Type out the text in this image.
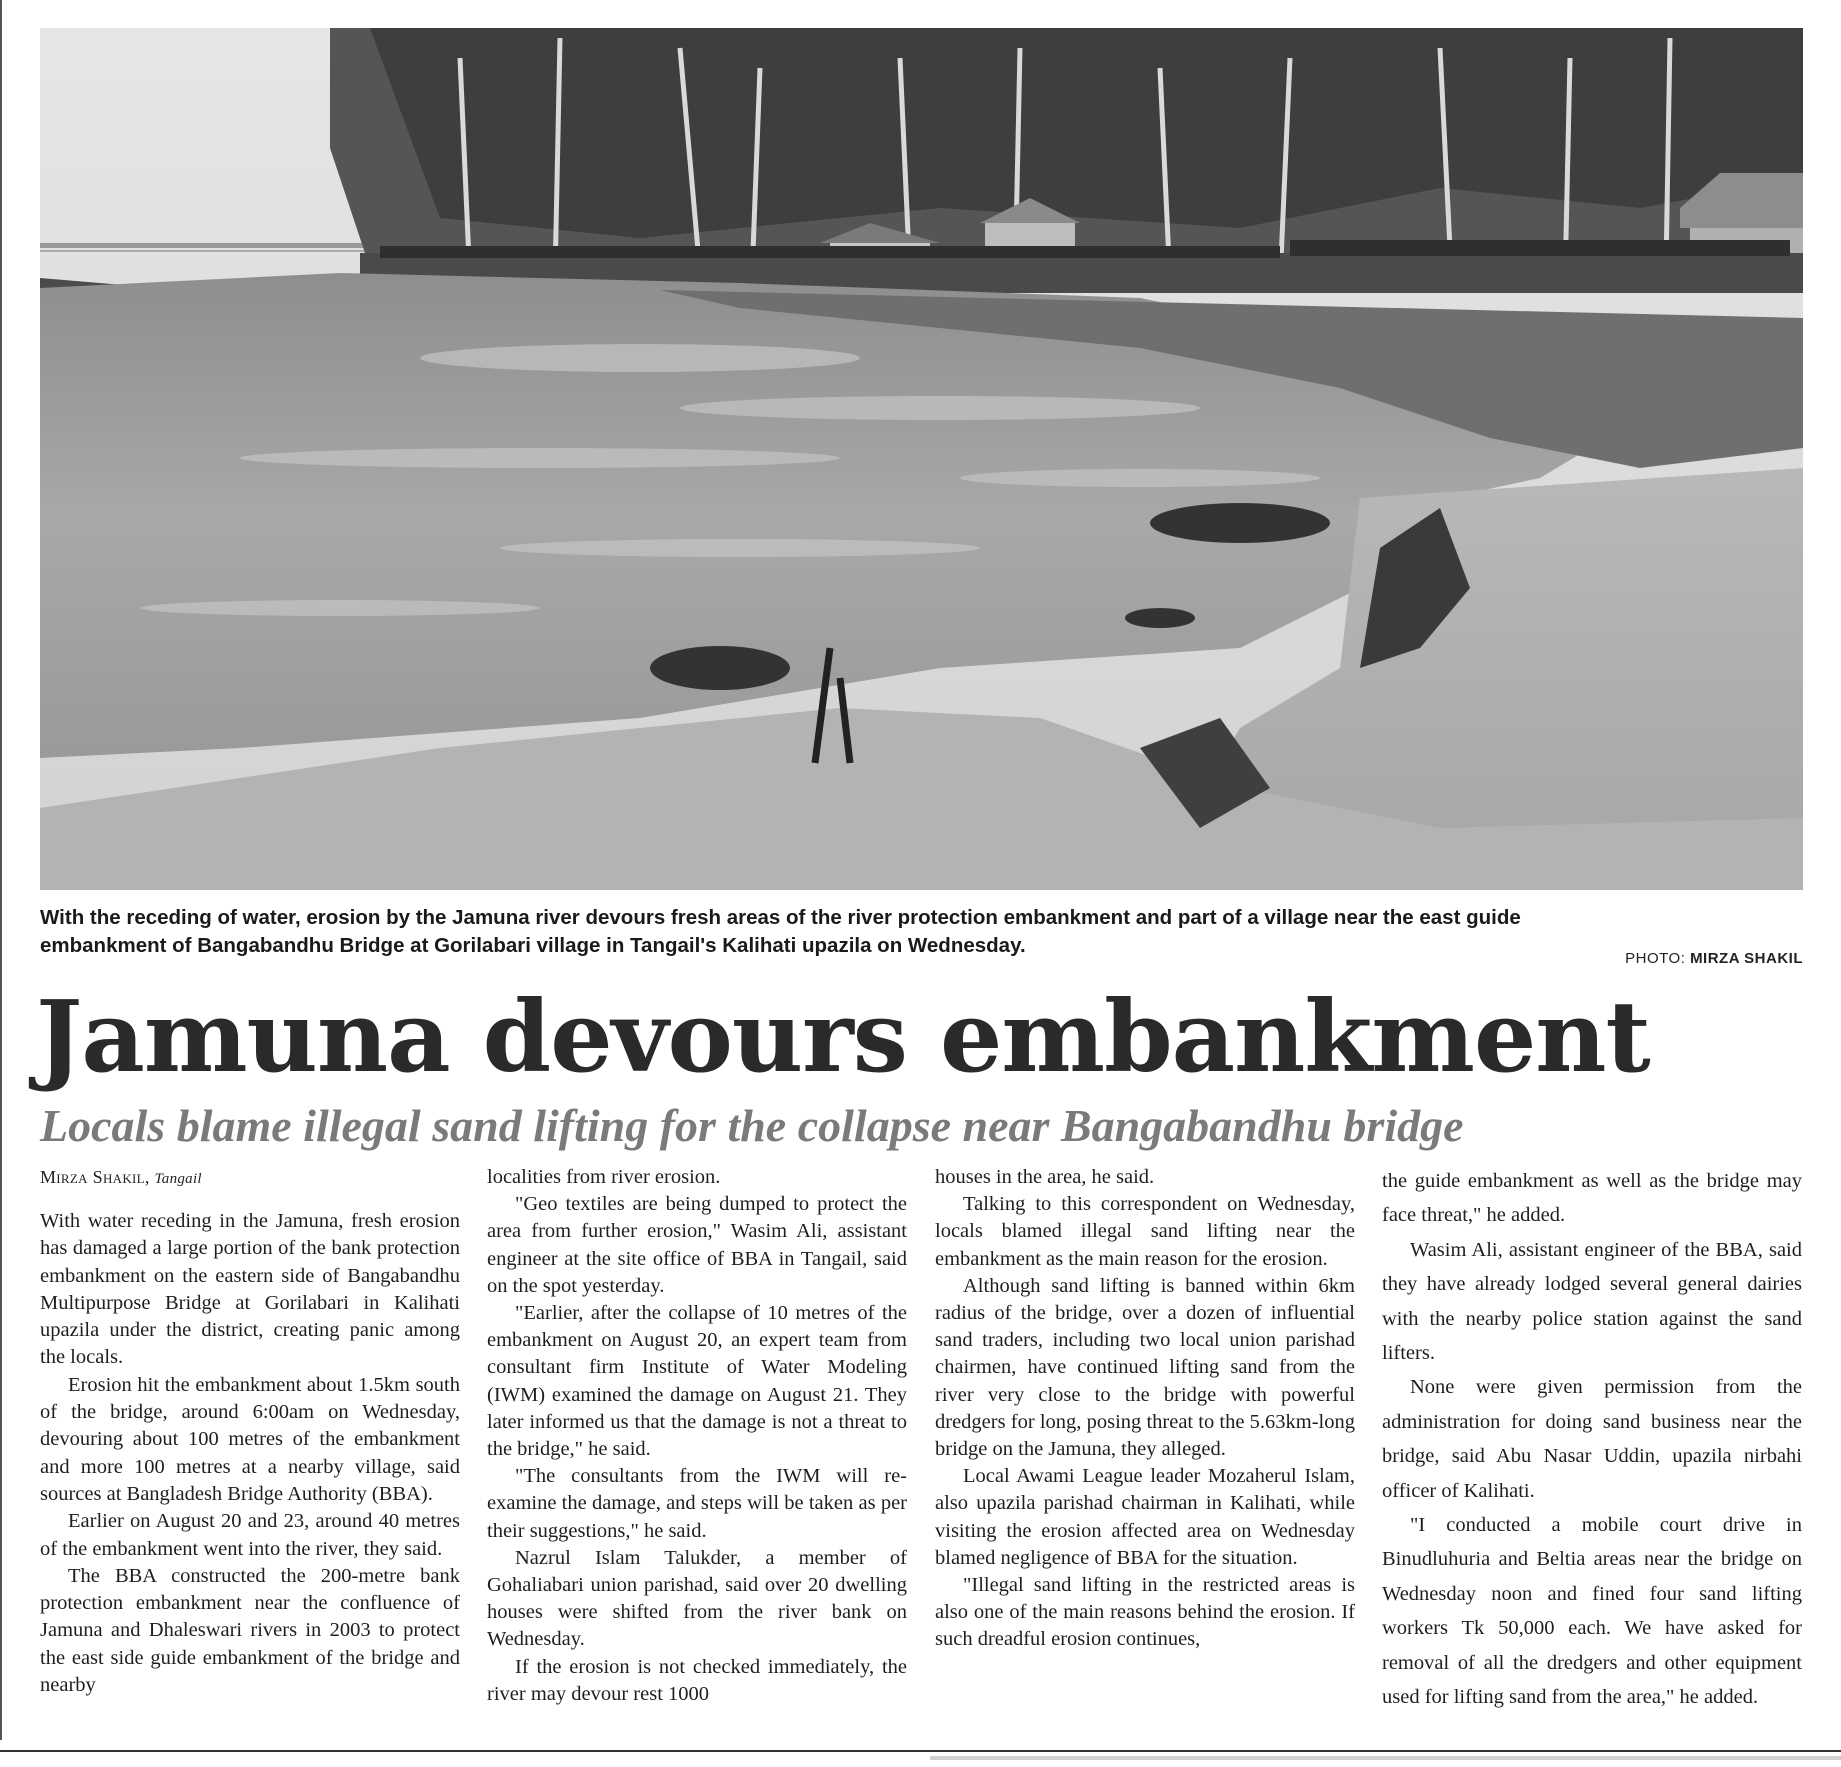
With the receding of water, erosion by the Jamuna river devours fresh areas of the river protection embankment and part of a village near the east guide embankment of Bangabandhu Bridge at Gorilabari village in Tangail's Kalihati upazila on Wednesday.
PHOTO: MIRZA SHAKIL
Jamuna devours embankment
Locals blame illegal sand lifting for the collapse near Bangabandhu bridge
Mirza Shakil, Tangail

With water receding in the Jamuna, fresh erosion has damaged a large portion of the bank protection embankment on the eastern side of Bangabandhu Multipurpose Bridge at Gorilabari in Kalihati upazila under the district, creating panic among the locals.

Erosion hit the embankment about 1.5km south of the bridge, around 6:00am on Wednesday, devouring about 100 metres of the embankment and more 100 metres at a nearby village, said sources at Bangladesh Bridge Authority (BBA).

Earlier on August 20 and 23, around 40 metres of the embankment went into the river, they said.

The BBA constructed the 200-metre bank protection embankment near the confluence of Jamuna and Dhaleswari rivers in 2003 to protect the east side guide embankment of the bridge and nearby

localities from river erosion.

"Geo textiles are being dumped to protect the area from further erosion," Wasim Ali, assistant engineer at the site office of BBA in Tangail, said on the spot yesterday.

"Earlier, after the collapse of 10 metres of the embankment on August 20, an expert team from consultant firm Institute of Water Modeling (IWM) examined the damage on August 21. They later informed us that the damage is not a threat to the bridge," he said.

"The consultants from the IWM will re-examine the damage, and steps will be taken as per their suggestions," he said.

Nazrul Islam Talukder, a member of Gohaliabari union parishad, said over 20 dwelling houses were shifted from the river bank on Wednesday.

If the erosion is not checked immediately, the river may devour rest 1000

houses in the area, he said.

Talking to this correspondent on Wednesday, locals blamed illegal sand lifting near the embankment as the main reason for the erosion.

Although sand lifting is banned within 6km radius of the bridge, over a dozen of influential sand traders, including two local union parishad chairmen, have continued lifting sand from the river very close to the bridge with powerful dredgers for long, posing threat to the 5.63km-long bridge on the Jamuna, they alleged.

Local Awami League leader Mozaherul Islam, also upazila parishad chairman in Kalihati, while visiting the erosion affected area on Wednesday blamed negligence of BBA for the situation.

"Illegal sand lifting in the restricted areas is also one of the main reasons behind the erosion. If such dreadful erosion continues,

the guide embankment as well as the bridge may face threat," he added.

Wasim Ali, assistant engineer of the BBA, said they have already lodged several general dairies with the nearby police station against the sand lifters.

None were given permission from the administration for doing sand business near the bridge, said Abu Nasar Uddin, upazila nirbahi officer of Kalihati.

"I conducted a mobile court drive in Binudluhuria and Beltia areas near the bridge on Wednesday noon and fined four sand lifting workers Tk 50,000 each. We have asked for removal of all the dredgers and other equipment used for lifting sand from the area," he added.
